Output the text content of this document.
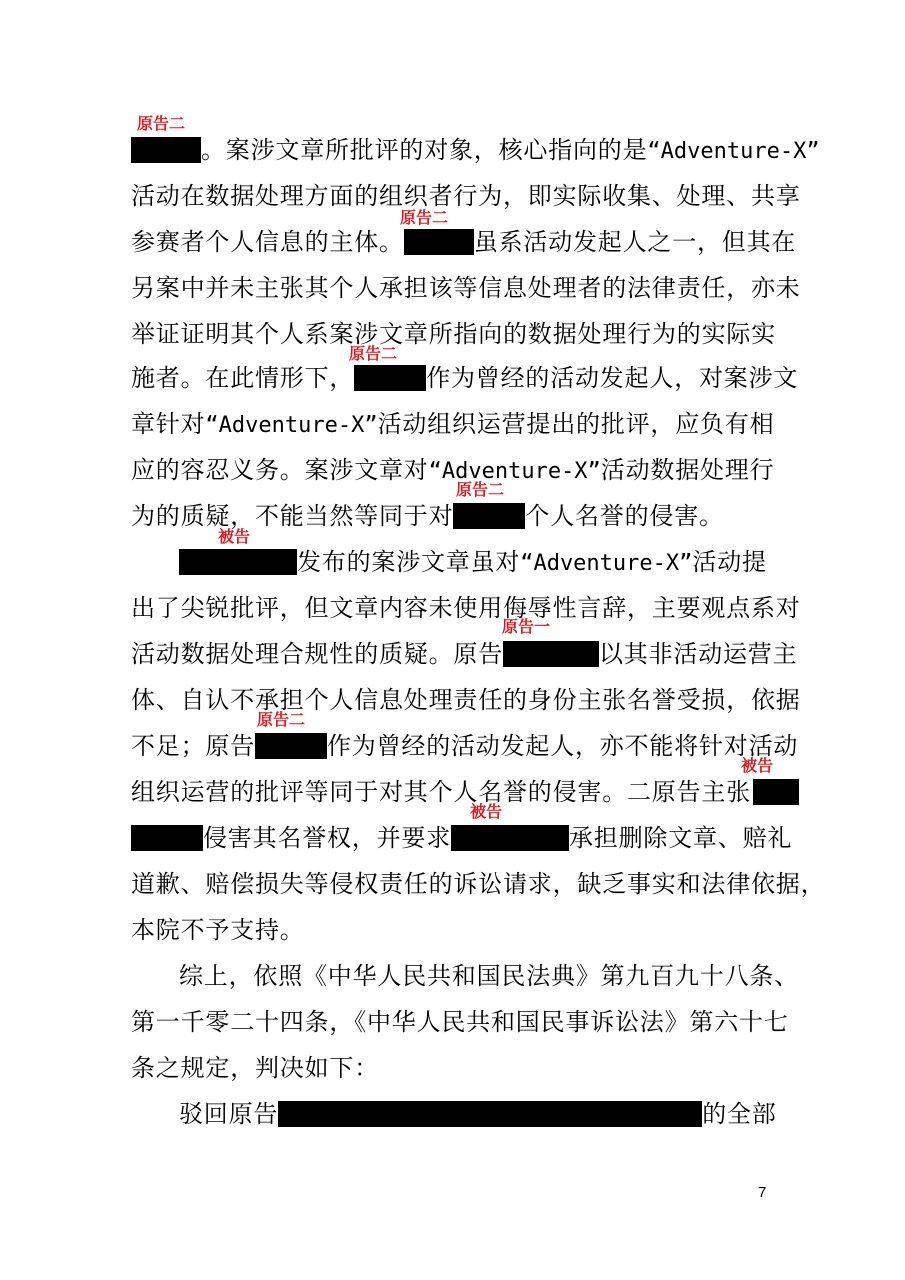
。案涉文章所批评的对象，核心指向的是“Adventure-X”
原告二
活动在数据处理方面的组织者行为，即实际收集、处理、共享
参赛者个人信息的主体。	虽系活动发起人之一，但其在
原告二
另案中并未主张其个人承担该等信息处理者的法律责任，亦未
举证证明其个人系案涉文章所指向的数据处理行为的实际实
施者。在此情形下，	作为曾经的活动发起人，对案涉文
原告二
章针对“Adventure-X”活动组织运营提出的批评，应负有相
应的容忍义务。案涉文章对“Adventure-X”活动数据处理行
为的质疑，不能当然等同于对	个人名誉的侵害。
原告二
发布的案涉文章虽对“Adventure-X”活动提
被告
出了尖锐批评，但文章内容未使用侮辱性言辞，主要观点系对
活动数据处理合规性的质疑。原告	以其非活动运营主
原告一
体、自认不承担个人信息处理责任的身份主张名誉受损，依据
不足；原告	作为曾经的活动发起人，亦不能将针对活动
原告二
组织运营的批评等同于对其个人名誉的侵害。二原告主张
被告
侵害其名誉权，并要求	承担删除文章、赔礼
被告
道歉、赔偿损失等侵权责任的诉讼请求，缺乏事实和法律依据，
本院不予支持。
综上，依照《中华人民共和国民法典》第九百九十八条、
第一千零二十四条，《中华人民共和国民事诉讼法》第六十七
条之规定，判决如下：
驳回原告	的全部
7
